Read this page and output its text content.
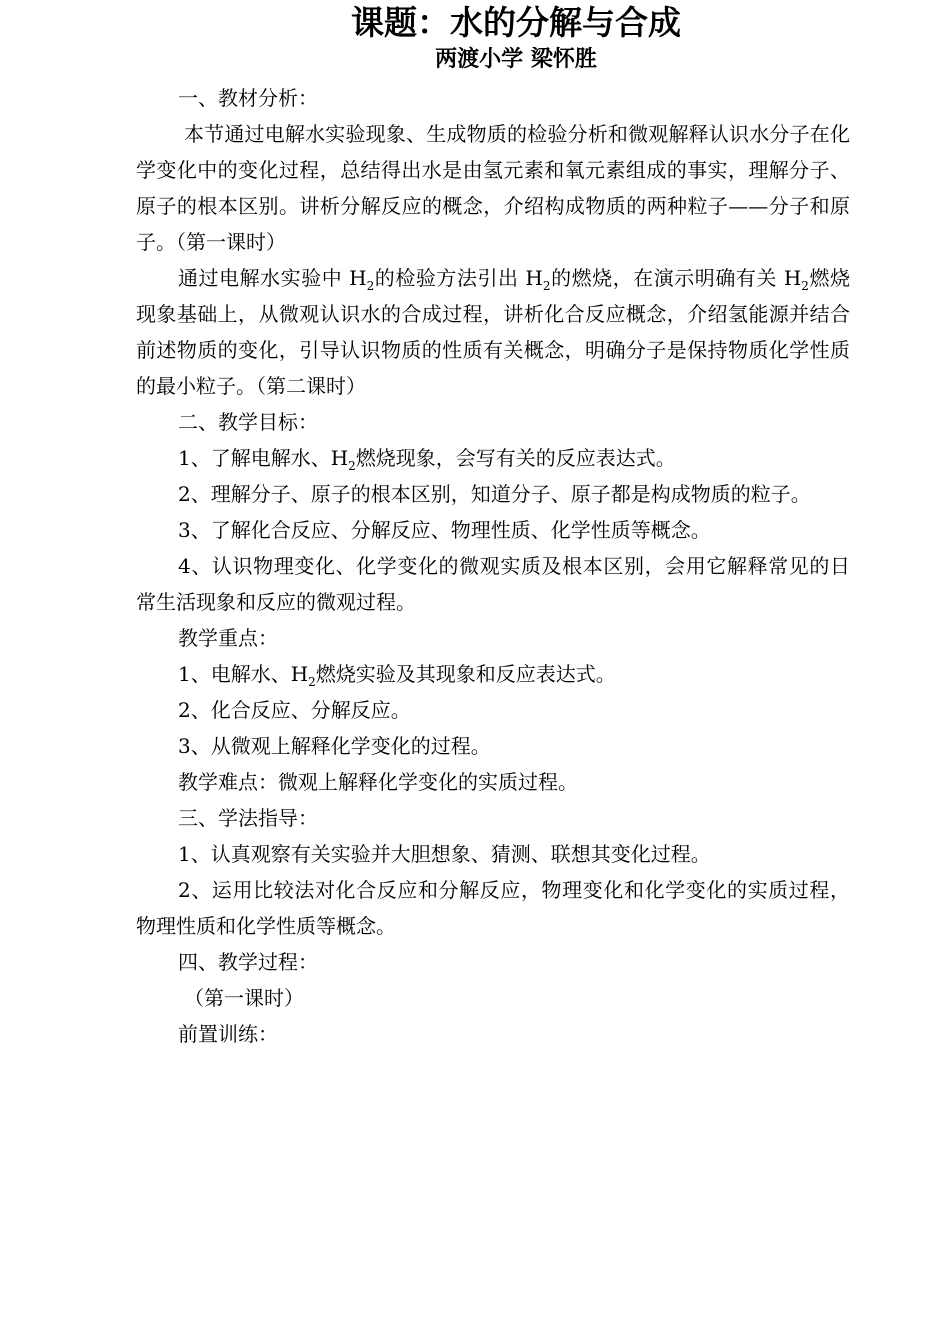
课题：水的分解与合成
两渡小学 梁怀胜

一、教材分析：

本节通过电解水实验现象、生成物质的检验分析和微观解释认识水分子在化学变化中的变化过程，总结得出水是由氢元素和氧元素组成的事实，理解分子、原子的根本区别。讲析分解反应的概念，介绍构成物质的两种粒子——分子和原子。（第一课时）

通过电解水实验中 $H_2$的检验方法引出 $H_2$的燃烧，在演示明确有关 $H_2$燃烧现象基础上，从微观认识水的合成过程，讲析化合反应概念，介绍氢能源并结合前述物质的变化，引导认识物质的性质有关概念，明确分子是保持物质化学性质的最小粒子。（第二课时）

二、教学目标：

1、了解电解水、$H_2$燃烧现象，会写有关的反应表达式。

2、理解分子、原子的根本区别，知道分子、原子都是构成物质的粒子。

3、了解化合反应、分解反应、物理性质、化学性质等概念。

4、认识物理变化、化学变化的微观实质及根本区别，会用它解释常见的日常生活现象和反应的微观过程。

教学重点：

1、电解水、$H_2$燃烧实验及其现象和反应表达式。

2、化合反应、分解反应。

3、从微观上解释化学变化的过程。

教学难点：微观上解释化学变化的实质过程。

三、学法指导：

1、认真观察有关实验并大胆想象、猜测、联想其变化过程。

2、运用比较法对化合反应和分解反应，物理变化和化学变化的实质过程，物理性质和化学性质等概念。

四、教学过程：

（第一课时）

前置训练：
